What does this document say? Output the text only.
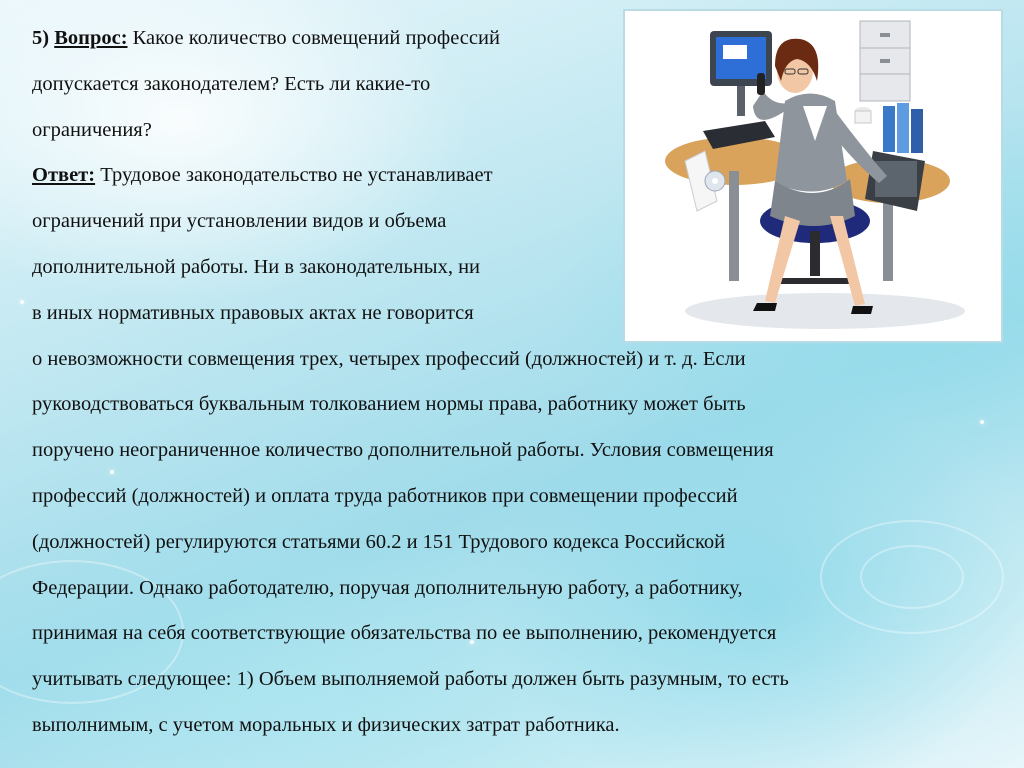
5) Вопрос: Какое количество совмещений профессий
допускается законодателем? Есть ли какие-то
ограничения?
Ответ: Трудовое законодательство не устанавливает
ограничений при установлении видов и объема
дополнительной работы. Ни в законодательных, ни
в иных нормативных правовых актах не говорится
о невозможности совмещения трех, четырех профессий (должностей) и т. д. Если
руководствоваться буквальным толкованием нормы права, работнику может быть
поручено неограниченное количество дополнительной работы. Условия совмещения
профессий (должностей) и оплата труда работников при совмещении профессий
(должностей) регулируются статьями 60.2 и 151 Трудового кодекса Российской
Федерации. Однако работодателю, поручая дополнительную работу, а работнику,
принимая на себя соответствующие обязательства по ее выполнению, рекомендуется
учитывать следующее: 1) Объем выполняемой работы должен быть разумным, то есть
выполнимым, с учетом моральных и физических затрат работника.
